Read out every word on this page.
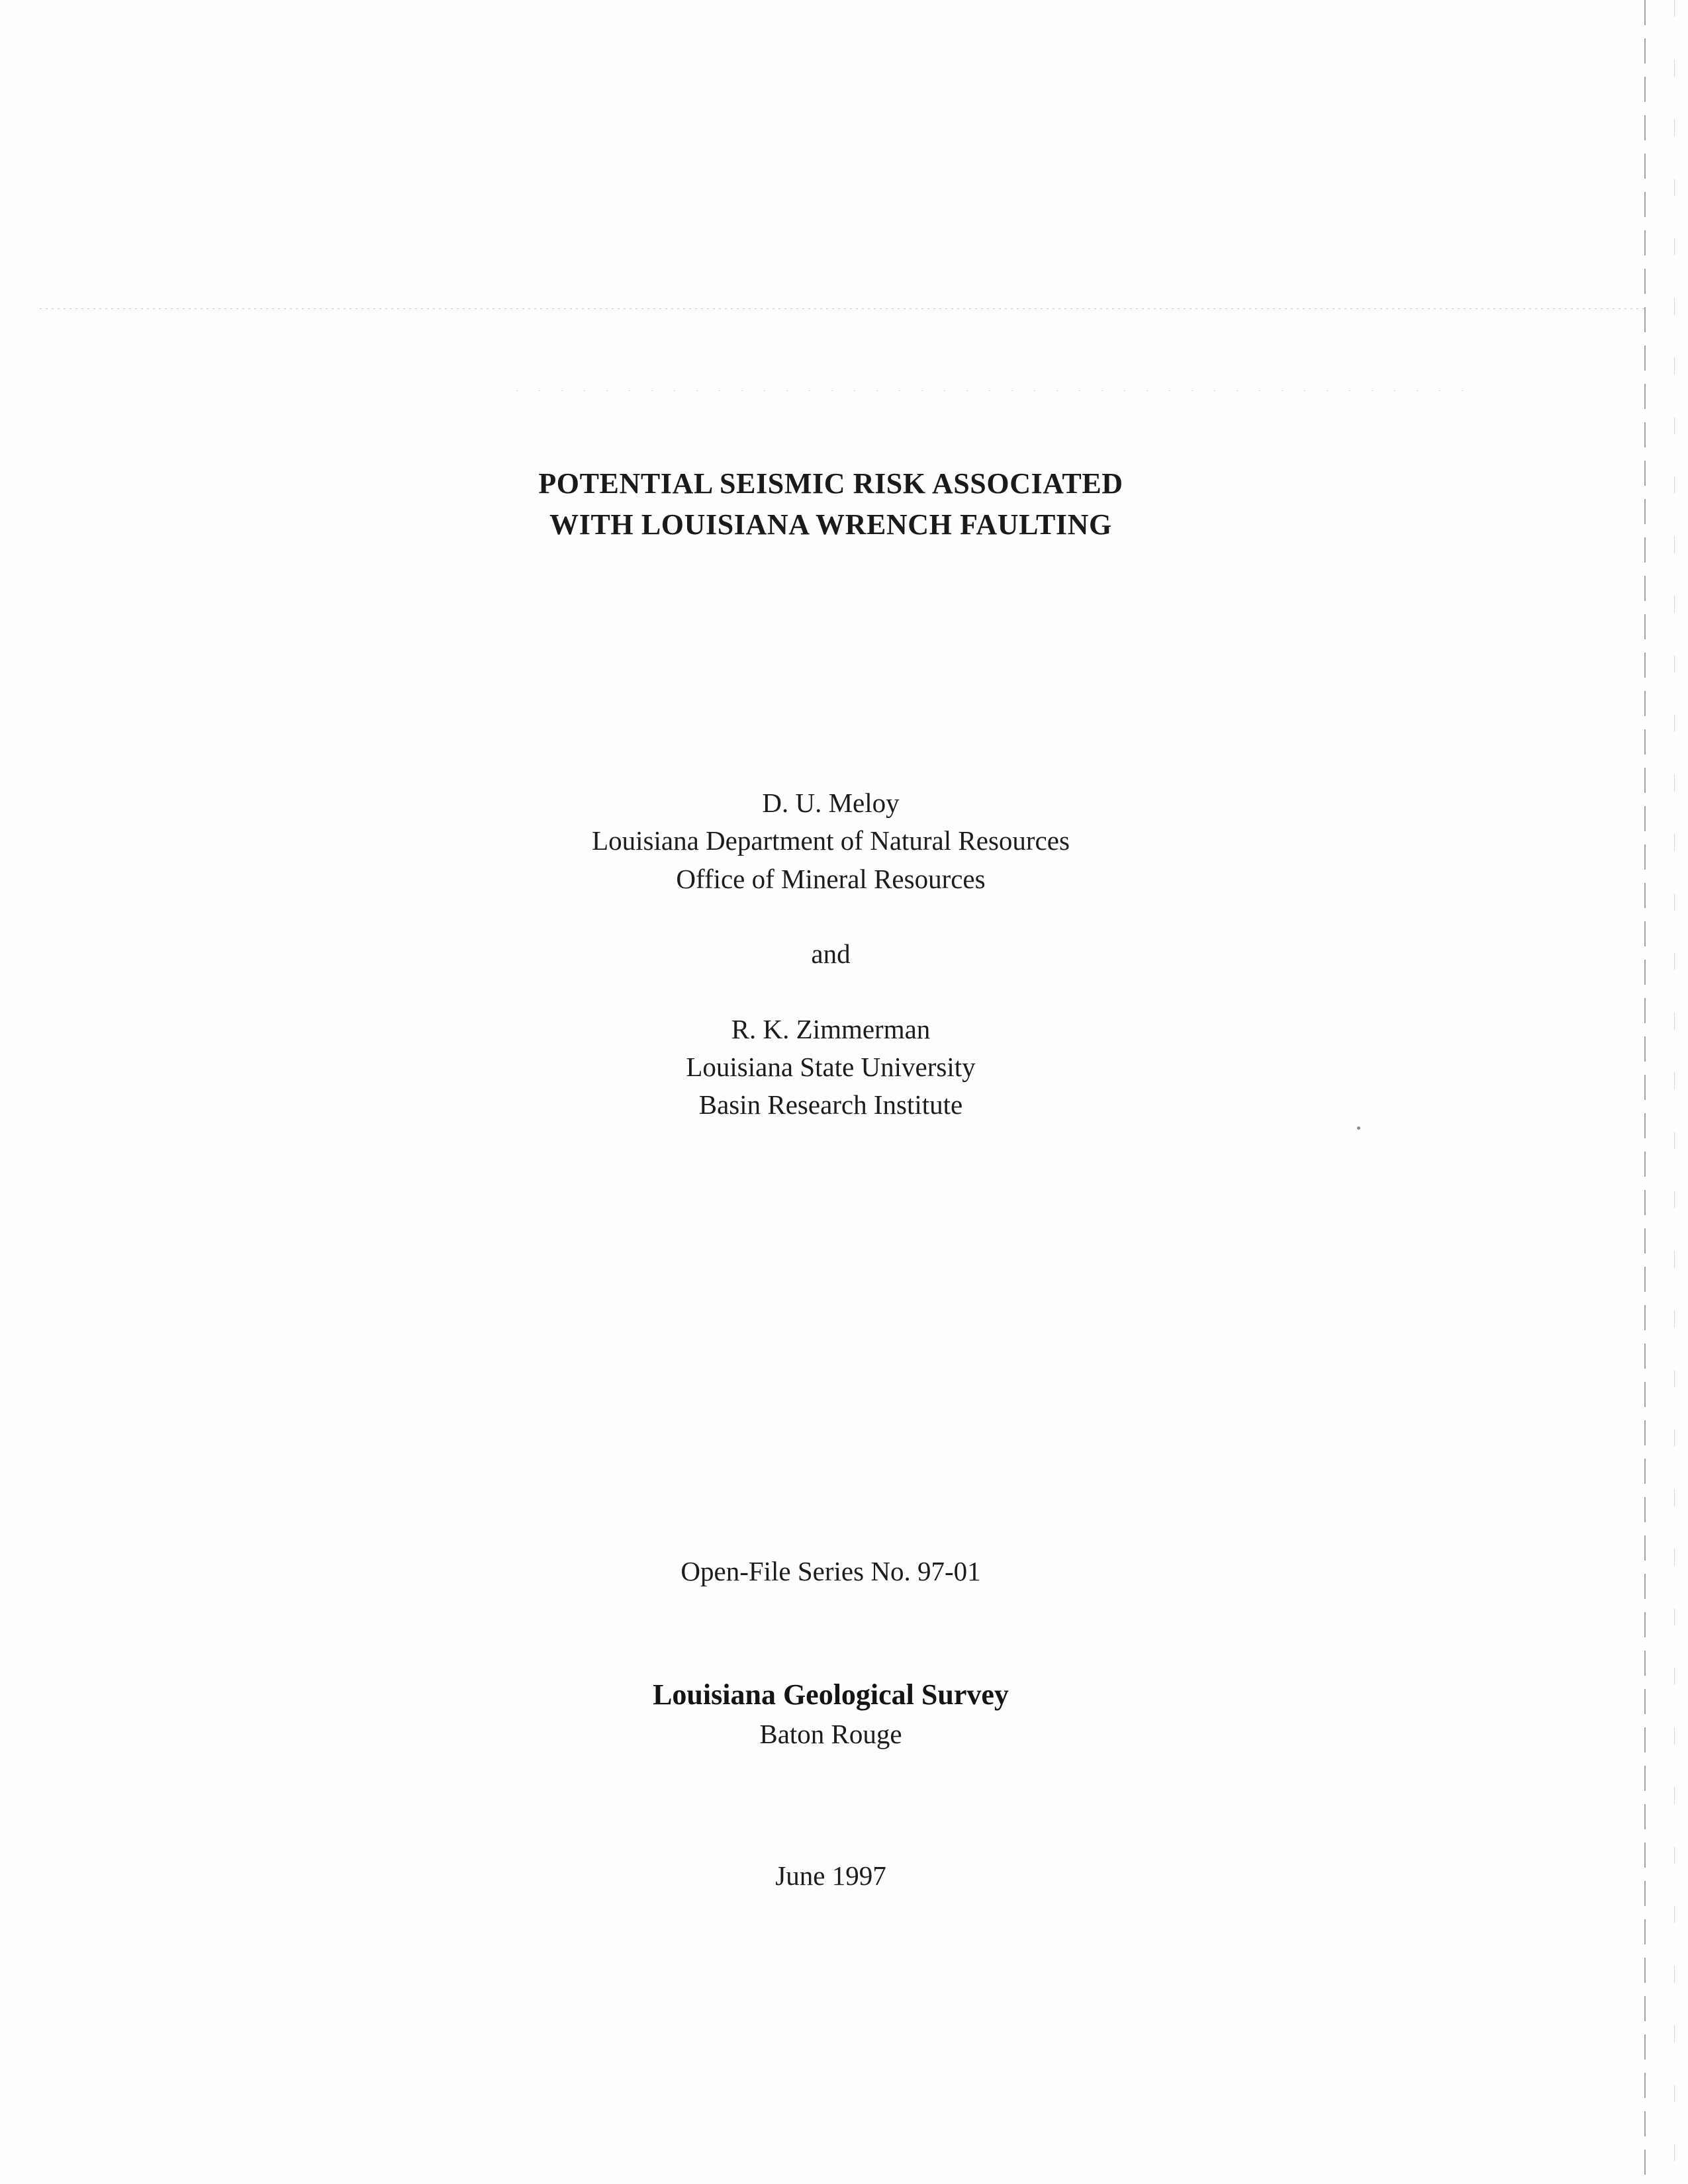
POTENTIAL SEISMIC RISK ASSOCIATED
WITH LOUISIANA WRENCH FAULTING
D. U. Meloy
Louisiana Department of Natural Resources
Office of Mineral Resources
and
R. K. Zimmerman
Louisiana State University
Basin Research Institute
Open-File Series No. 97-01
Louisiana Geological Survey
Baton Rouge
June 1997
